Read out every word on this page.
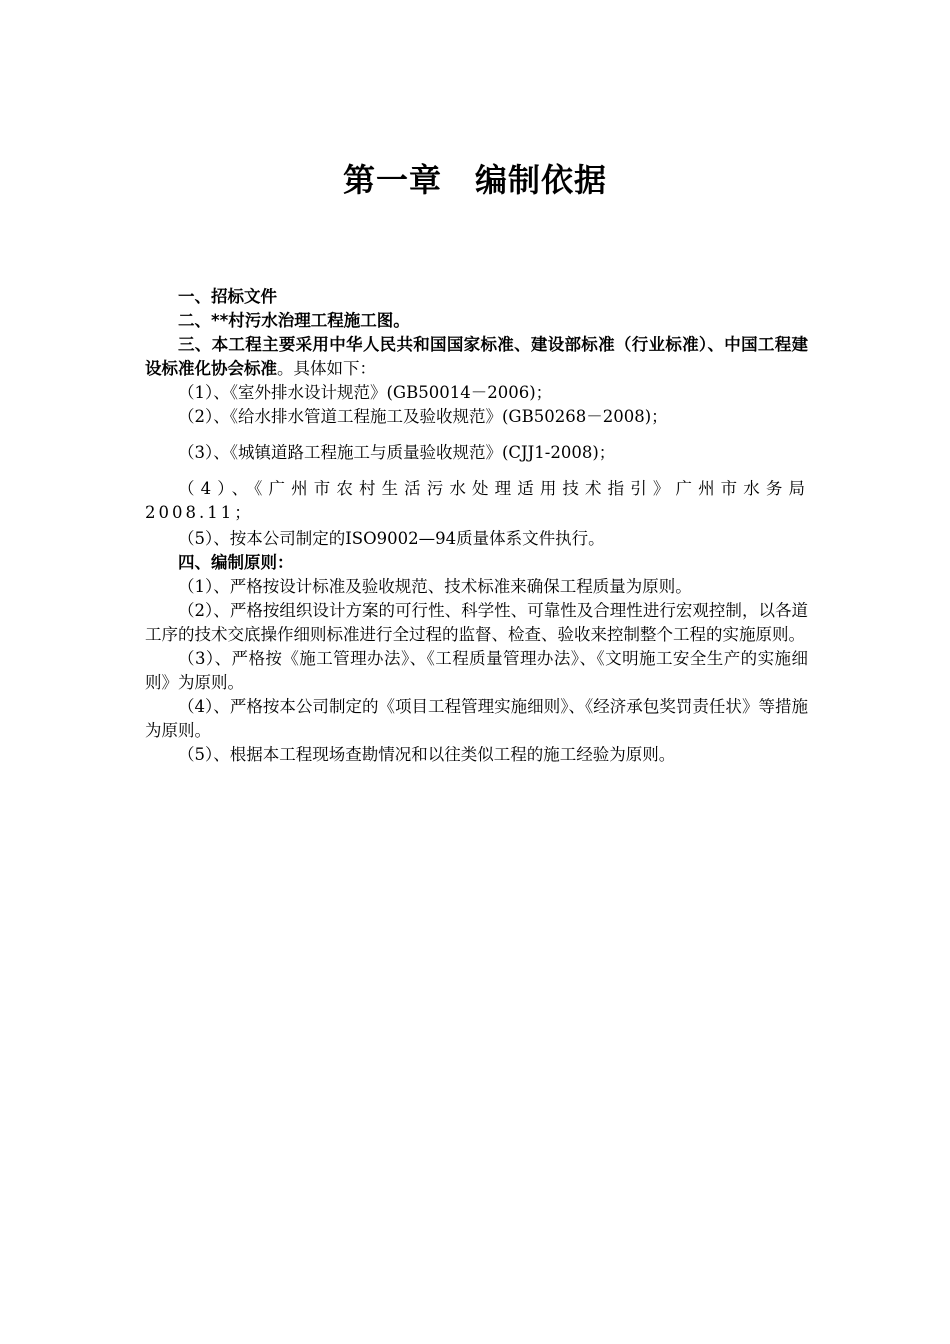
第一章　编制依据

一、招标文件

二、**村污水治理工程施工图。

三、本工程主要采用中华人民共和国国家标准、建设部标准（行业标准）、中国工程建设标准化协会标准。具体如下：

（1）、《室外排水设计规范》(GB50014－2006)；

（2）、《给水排水管道工程施工及验收规范》(GB50268－2008)；

（3）、《城镇道路工程施工与质量验收规范》(CJJ1-2008)；

（4）、《广州市农村生活污水处理适用技术指引》广州市水务局2008.11；

（5）、按本公司制定的ISO9002—94质量体系文件执行。

四、编制原则：

（1）、严格按设计标准及验收规范、技术标准来确保工程质量为原则。

（2）、严格按组织设计方案的可行性、科学性、可靠性及合理性进行宏观控制，以各道工序的技术交底操作细则标准进行全过程的监督、检查、验收来控制整个工程的实施原则。

（3）、严格按《施工管理办法》、《工程质量管理办法》、《文明施工安全生产的实施细则》为原则。

（4）、严格按本公司制定的《项目工程管理实施细则》、《经济承包奖罚责任状》等措施为原则。

（5）、根据本工程现场查勘情况和以往类似工程的施工经验为原则。
